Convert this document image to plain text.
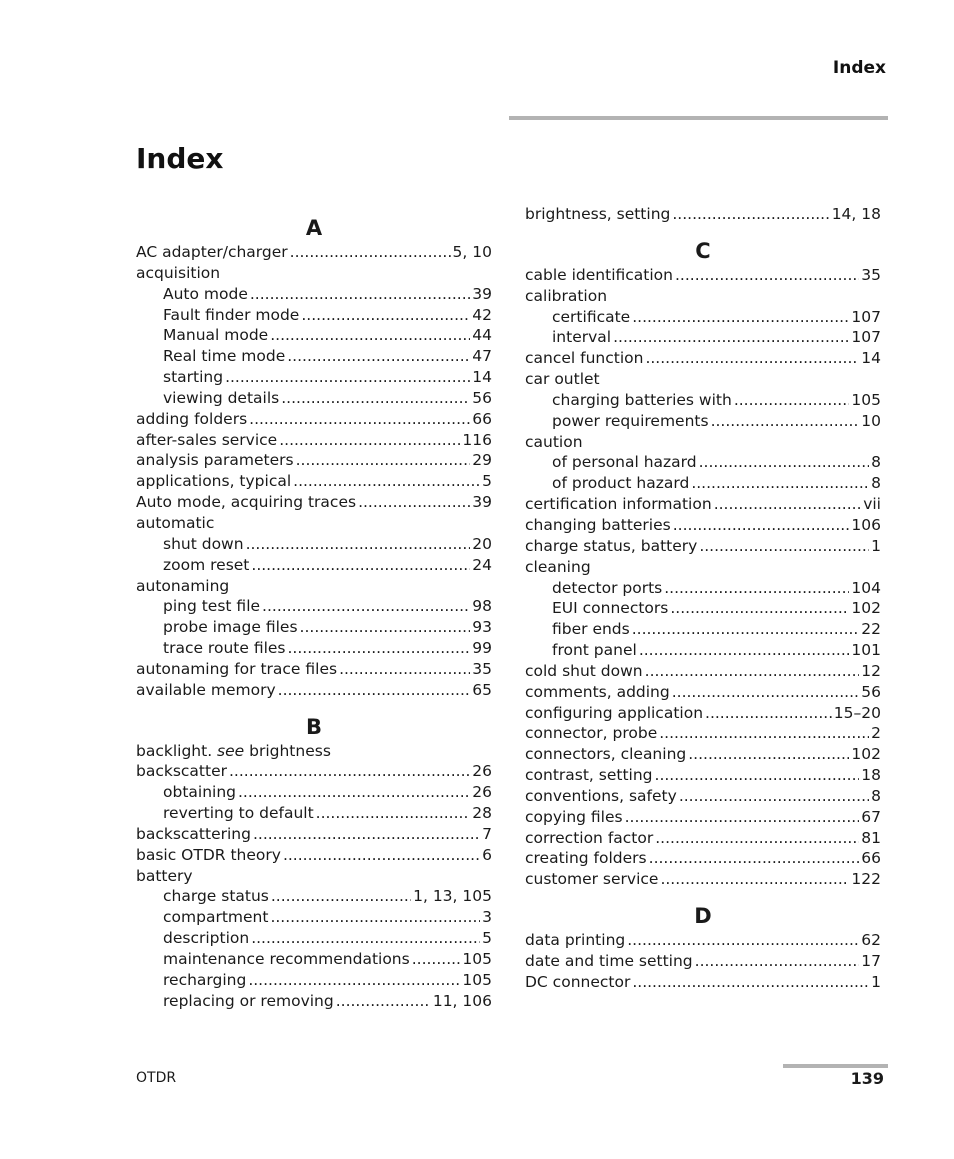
Index
Index
A
AC adapter/charger .....	5, 10
acquisition
Auto mode .....	39
Fault finder mode .....	42
Manual mode .....	44
Real time mode .....	47
starting .....	14
viewing details .....	56
adding folders .....	66
after-sales service .....	116
analysis parameters .....	29
applications, typical .....	5
Auto mode, acquiring traces .....	39
automatic
shut down .....	20
zoom reset .....	24
autonaming
ping test file .....	98
probe image files .....	93
trace route files .....	99
autonaming for trace files .....	35
available memory .....	65
B
backlight. see brightness
backscatter .....	26
obtaining .....	26
reverting to default .....	28
backscattering .....	7
basic OTDR theory .....	6
battery
charge status .....	1, 13, 105
compartment .....	3
description .....	5
maintenance recommendations .....	105
recharging .....	105
replacing or removing .....	11, 106
brightness, setting .....	14, 18
C
cable identification .....	35
calibration
certificate .....	107
interval .....	107
cancel function .....	14
car outlet
charging batteries with .....	105
power requirements .....	10
caution
of personal hazard .....	8
of product hazard .....	8
certification information .....	vii
changing batteries .....	106
charge status, battery .....	1
cleaning
detector ports .....	104
EUI connectors .....	102
fiber ends .....	22
front panel .....	101
cold shut down .....	12
comments, adding .....	56
configuring application .....	15–20
connector, probe .....	2
connectors, cleaning .....	102
contrast, setting .....	18
conventions, safety .....	8
copying files .....	67
correction factor .....	81
creating folders .....	66
customer service .....	122
D
data printing .....	62
date and time setting .....	17
DC connector .....	1
OTDR	139
